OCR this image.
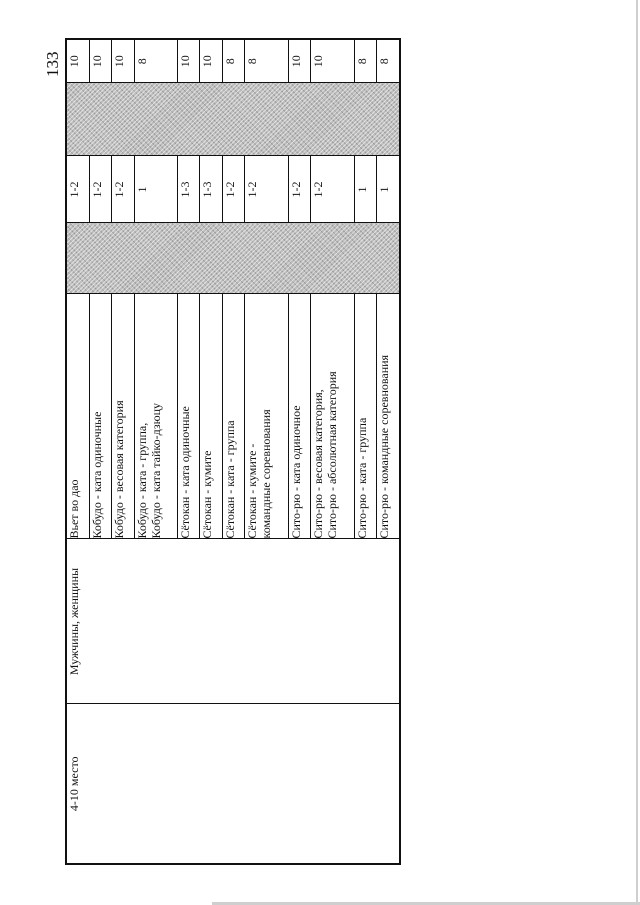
133
4-10 место	Мужчины, женщины	Вьет во дао		1-2		10

		Кобудо - ката одиночные		1-2		10

		Кобудо - весовая категория		1-2		10

		Кобудо - ката - группа, Кобудо - ката тайко-дзюцу		1		8

		Сётокан - ката одиночные		1-3		10

		Сётокан - кумите		1-3		10

		Сётокан - ката - группа		1-2		8

		Сётокан - кумите - командные соревнования		1-2		8

		Сито-рю - ката одиночное		1-2		10

		Сито-рю - весовая категория, Сито-рю - абсолютная категория		1-2		10

		Сито-рю - ката - группа		1		8

		Сито-рю - командные соревнования		1		8
